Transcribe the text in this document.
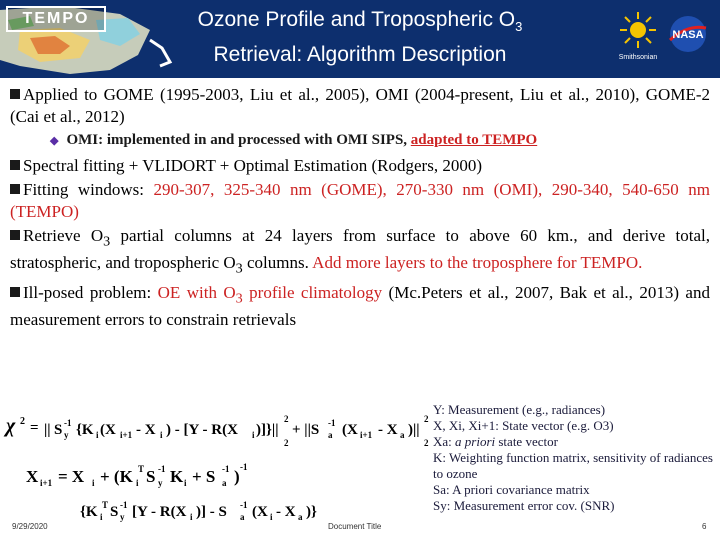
TEMPO	Ozone Profile and Tropospheric $O_3$
Retrieval: Algorithm Description	Smithsonian
NASA
Applied to GOME (1995-2003, Liu et al., 2005), OMI (2004-present, Liu et al., 2010), GOME-2 (Cai et al., 2012)
◆ OMI: implemented in and processed with OMI SIPS, adapted to TEMPO
Spectral fitting + VLIDORT + Optimal Estimation (Rodgers, 2000)
Fitting windows: 290-307, 325-340 nm (GOME), 270-330 nm (OMI), 290-340, 540-650 nm (TEMPO)
Retrieve $O_3$ partial columns at 24 layers from surface to above 60 km., and derive total, stratospheric, and tropospheric $O_3$ columns. Add more layers to the troposphere for TEMPO.
Ill-posed problem: OE with $O_3$ profile climatology (Mc.Peters et al., 2007, Bak et al., 2013) and measurement errors to constrain retrievals
χ 2 = || S y
-1 {K i (X i+1 - X i ) - [Y - R(X i )]}||
2
2
+ ||S a
-1 (X i+1 - X a )||
2
2
X i+1 = X i + (K i
T S y
-1 K i + S a
-1 ) -1
{K i
T S y
-1 [Y - R(X i )] - S a
-1 (X i - X a )}
Y: Measurement (e.g., radiances)
X, Xi, Xi+1: State vector (e.g. O3)
Xa: a priori state vector
K: Weighting function matrix, sensitivity of radiances to ozone
Sa: A priori covariance matrix
Sy: Measurement error cov. (SNR)
9/29/2020	Document Title	6
